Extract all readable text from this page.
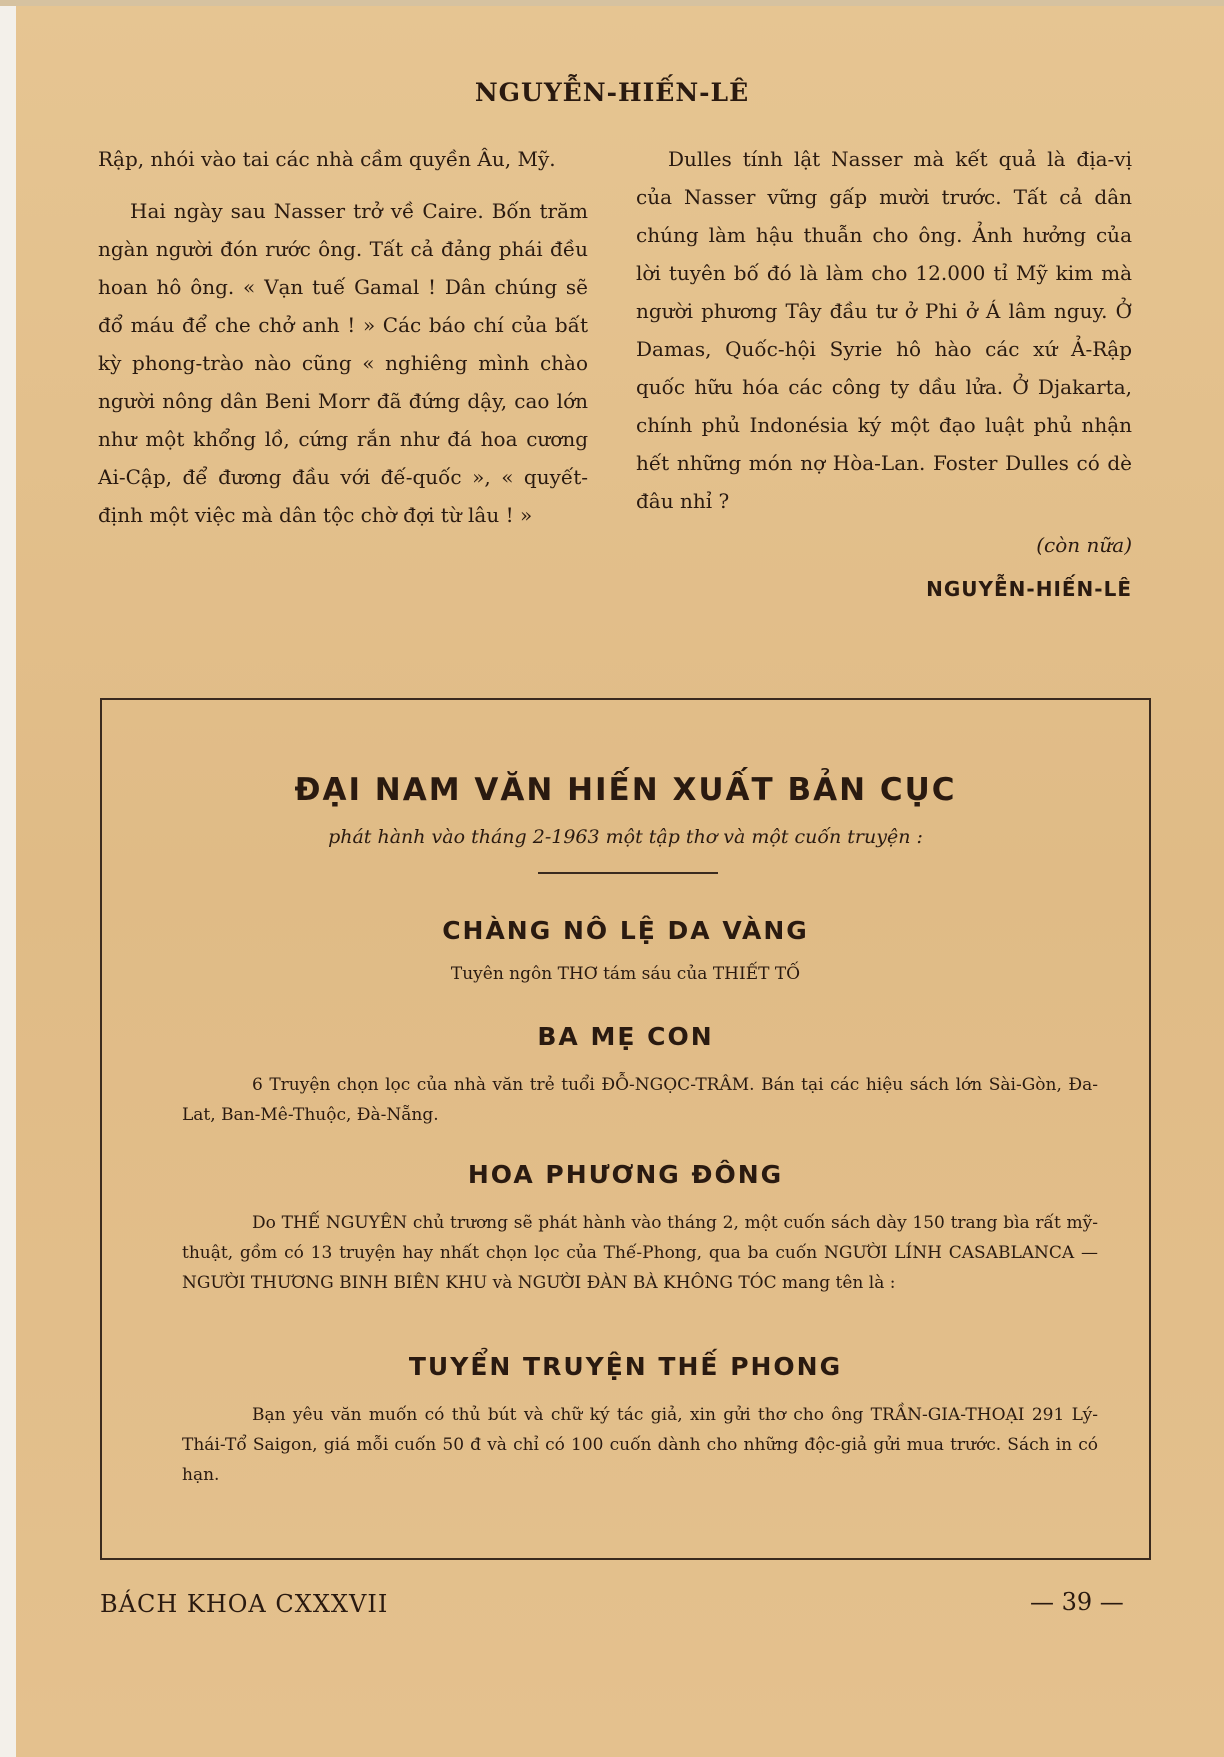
NGUYỄN-HIẾN-LÊ

Rập, nhói vào tai các nhà cầm quyền Âu, Mỹ.

Hai ngày sau Nasser trở về Caire. Bốn trăm ngàn người đón rước ông. Tất cả đảng phái đều hoan hô ông. « Vạn tuế Gamal ! Dân chúng sẽ đổ máu để che chở anh ! » Các báo chí của bất kỳ phong-trào nào cũng « nghiêng mình chào người nông dân Beni Morr đã đứng dậy, cao lớn như một khổng lồ, cứng rắn như đá hoa cương Ai-Cập, để đương đầu với đế-quốc », « quyết-định một việc mà dân tộc chờ đợi từ lâu ! »

Dulles tính lật Nasser mà kết quả là địa-vị của Nasser vững gấp mười trước. Tất cả dân chúng làm hậu thuẫn cho ông. Ảnh hưởng của lời tuyên bố đó là làm cho 12.000 tỉ Mỹ kim mà người phương Tây đầu tư ở Phi ở Á lâm nguy. Ở Damas, Quốc-hội Syrie hô hào các xứ Ả-Rập quốc hữu hóa các công ty dầu lửa. Ở Djakarta, chính phủ Indonésia ký một đạo luật phủ nhận hết những món nợ Hòa-Lan. Foster Dulles có dè đâu nhỉ ?

(còn nữa)
NGUYỄN-HIẾN-LÊ
ĐẠI NAM VĂN HIẾN XUẤT BẢN CỤC
phát hành vào tháng 2-1963 một tập thơ và một cuốn truyện :
CHÀNG NÔ LỆ DA VÀNG
Tuyên ngôn THƠ tám sáu của THIẾT TỐ
BA MẸ CON
6 Truyện chọn lọc của nhà văn trẻ tuổi ĐỖ-NGỌC-TRÂM. Bán tại các hiệu sách lớn Sài-Gòn, Đa-Lat, Ban-Mê-Thuộc, Đà-Nẵng.
HOA PHƯƠNG ĐÔNG
Do THẾ NGUYÊN chủ trương sẽ phát hành vào tháng 2, một cuốn sách dày 150 trang bìa rất mỹ-thuật, gồm có 13 truyện hay nhất chọn lọc của Thế-Phong, qua ba cuốn NGƯỜI LÍNH CASABLANCA — NGƯỜI THƯƠNG BINH BIÊN KHU và NGƯỜI ĐÀN BÀ KHÔNG TÓC mang tên là :
TUYỂN TRUYỆN THẾ PHONG
Bạn yêu văn muốn có thủ bút và chữ ký tác giả, xin gửi thơ cho ông TRẦN-GIA-THOẠI 291 Lý-Thái-Tổ Saigon, giá mỗi cuốn 50 đ và chỉ có 100 cuốn dành cho những độc-giả gửi mua trước. Sách in có hạn.
BÁCH KHOA CXXXVII	— 39 —
